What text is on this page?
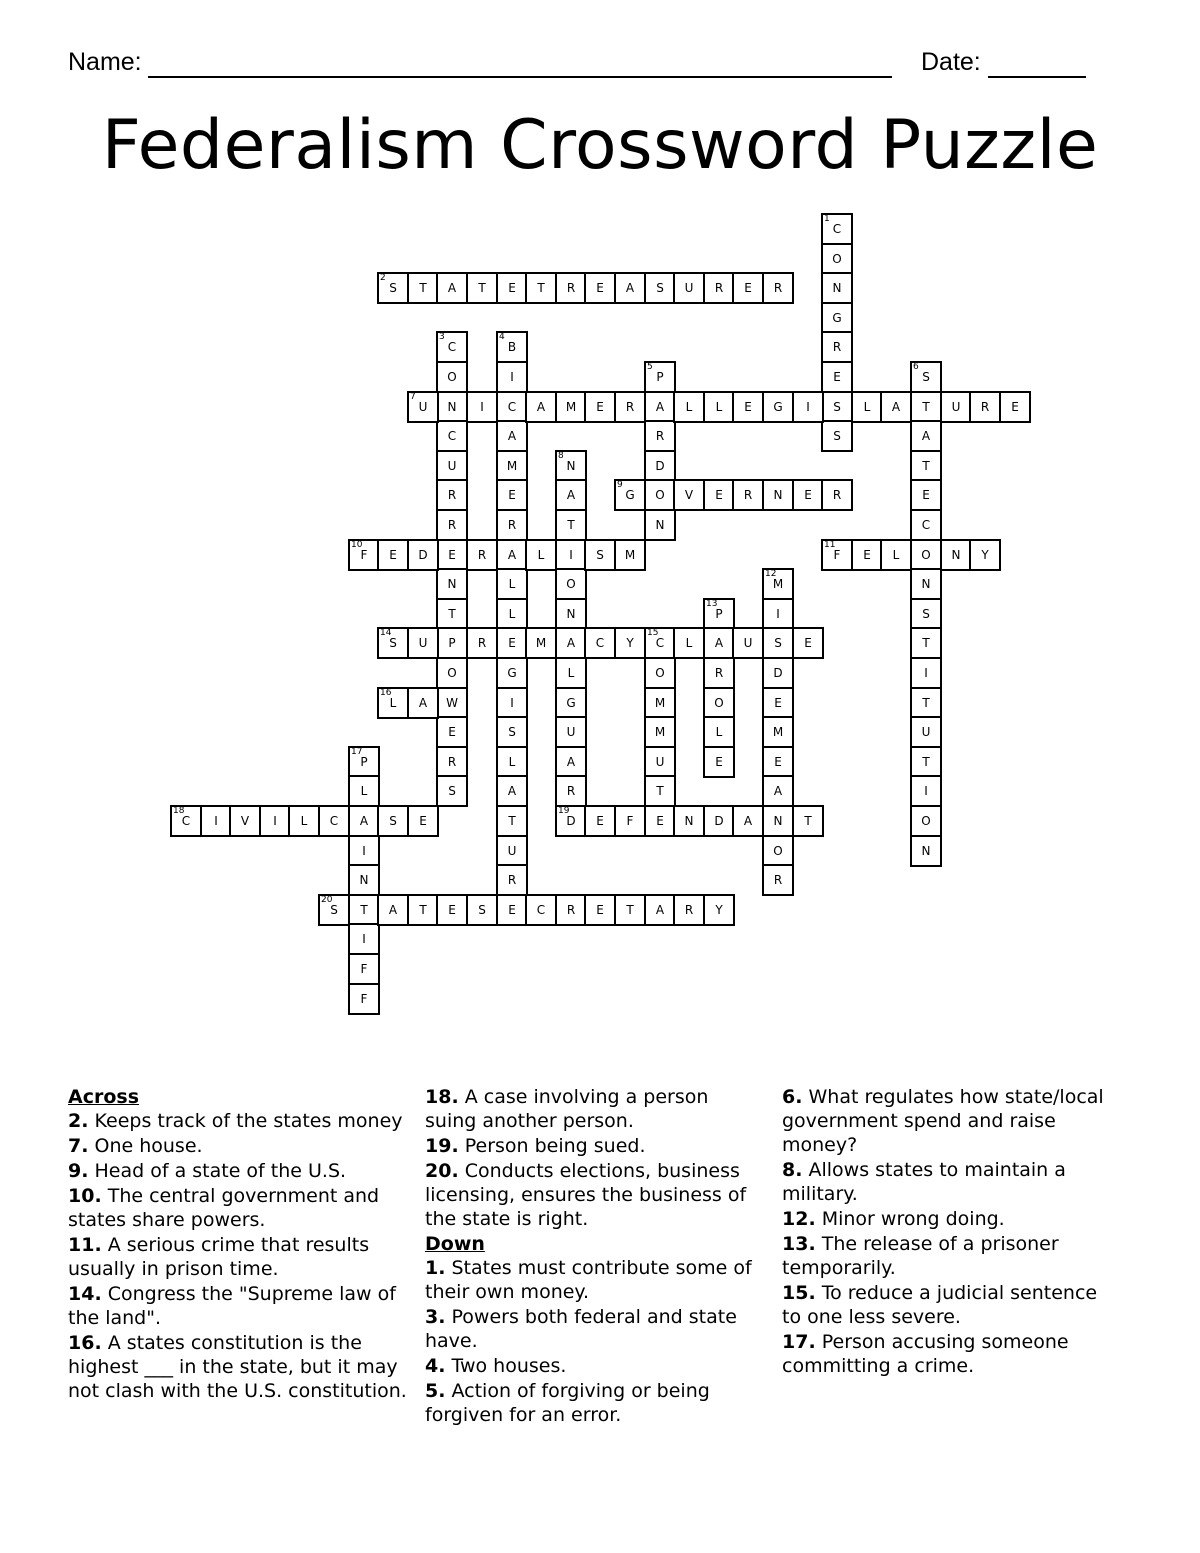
Name:	Date:
Federalism Crossword Puzzle
1
C
O
N
G
R
E
S
S
2
S	T	A	T	E	T	R	E	A	S	U	R	E	R
3
C
O
N
C
U
R
R
E
N
T
P
O
W
E
R
S
4
B
I
C
A
M
E
R
A
L
L
E
G
I
S
L
A
T
U
R
E
5
P
A
R
D
O
N
6
S
T
A
T
E
C
O
N
S
T
I
T
U
T
I
O
N
7
U	I	A	M	E	R	L	L	E	G	I	L	A	U	R	E
8
N
A
T
I
O
N
A
L
G
U
A
R
19
D
9
G	V	E	R	N	E	R
10
F	E	D	R	L	S	M
11
F	E	L	N	Y
12
M
I
S
D
E
M
E
A
N
O
R
13
P
A
R
O
L
E
14
S	U	R	M	C	Y
15
C	L	U	E
O
M
M
U
T
E
16
L	A
17
P
L
A
I
N
T
I
F
F
18
C	I	V	I	L	C	S	E	E	F	N	D	A	T
20
S	A	T	E	S	C	R	E	T	A	R	Y
Across
2. Keeps track of the states money
7. One house.
9. Head of a state of the U.S.
10. The central government and states share powers.
11. A serious crime that results usually in prison time.
14. Congress the "Supreme law of the land".
16. A states constitution is the highest ___ in the state, but it may not clash with the U.S. constitution.
18. A case involving a person suing another person.
19. Person being sued.
20. Conducts elections, business licensing, ensures the business of the state is right.
Down
1. States must contribute some of their own money.
3. Powers both federal and state have.
4. Two houses.
5. Action of forgiving or being forgiven for an error.
6. What regulates how state/local government spend and raise money?
8. Allows states to maintain a military.
12. Minor wrong doing.
13. The release of a prisoner temporarily.
15. To reduce a judicial sentence to one less severe.
17. Person accusing someone committing a crime.
